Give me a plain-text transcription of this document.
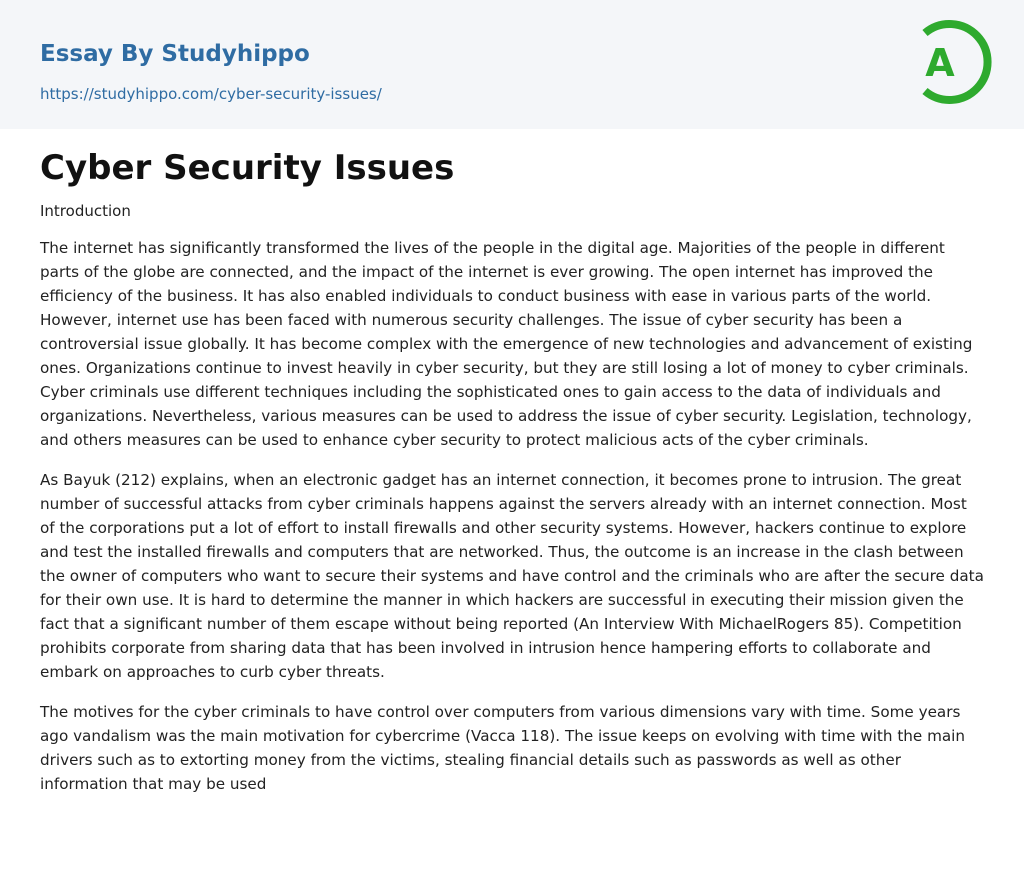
Essay By Studyhippo
https://studyhippo.com/cyber-security-issues/
A
Cyber Security Issues

Introduction

The internet has significantly transformed the lives of the people in the digital age. Majorities of the people in different parts of the globe are connected, and the impact of the internet is ever growing. The open internet has improved the efficiency of the business. It has also enabled individuals to conduct business with ease in various parts of the world. However, internet use has been faced with numerous security challenges. The issue of cyber security has been a controversial issue globally. It has become complex with the emergence of new technologies and advancement of existing ones. Organizations continue to invest heavily in cyber security, but they are still losing a lot of money to cyber criminals. Cyber criminals use different techniques including the sophisticated ones to gain access to the data of individuals and organizations. Nevertheless, various measures can be used to address the issue of cyber security. Legislation, technology, and others measures can be used to enhance cyber security to protect malicious acts of the cyber criminals.

As Bayuk (212) explains, when an electronic gadget has an internet connection, it becomes prone to intrusion. The great number of successful attacks from cyber criminals happens against the servers already with an internet connection. Most of the corporations put a lot of effort to install firewalls and other security systems. However, hackers continue to explore and test the installed firewalls and computers that are networked. Thus, the outcome is an increase in the clash between the owner of computers who want to secure their systems and have control and the criminals who are after the secure data for their own use. It is hard to determine the manner in which hackers are successful in executing their mission given the fact that a significant number of them escape without being reported (An Interview With MichaelRogers 85). Competition prohibits corporate from sharing data that has been involved in intrusion hence hampering efforts to collaborate and embark on approaches to curb cyber threats.

The motives for the cyber criminals to have control over computers from various dimensions vary with time. Some years ago vandalism was the main motivation for cybercrime (Vacca 118). The issue keeps on evolving with time with the main drivers such as to extorting money from the victims, stealing financial details such as passwords as well as other information that may be used
